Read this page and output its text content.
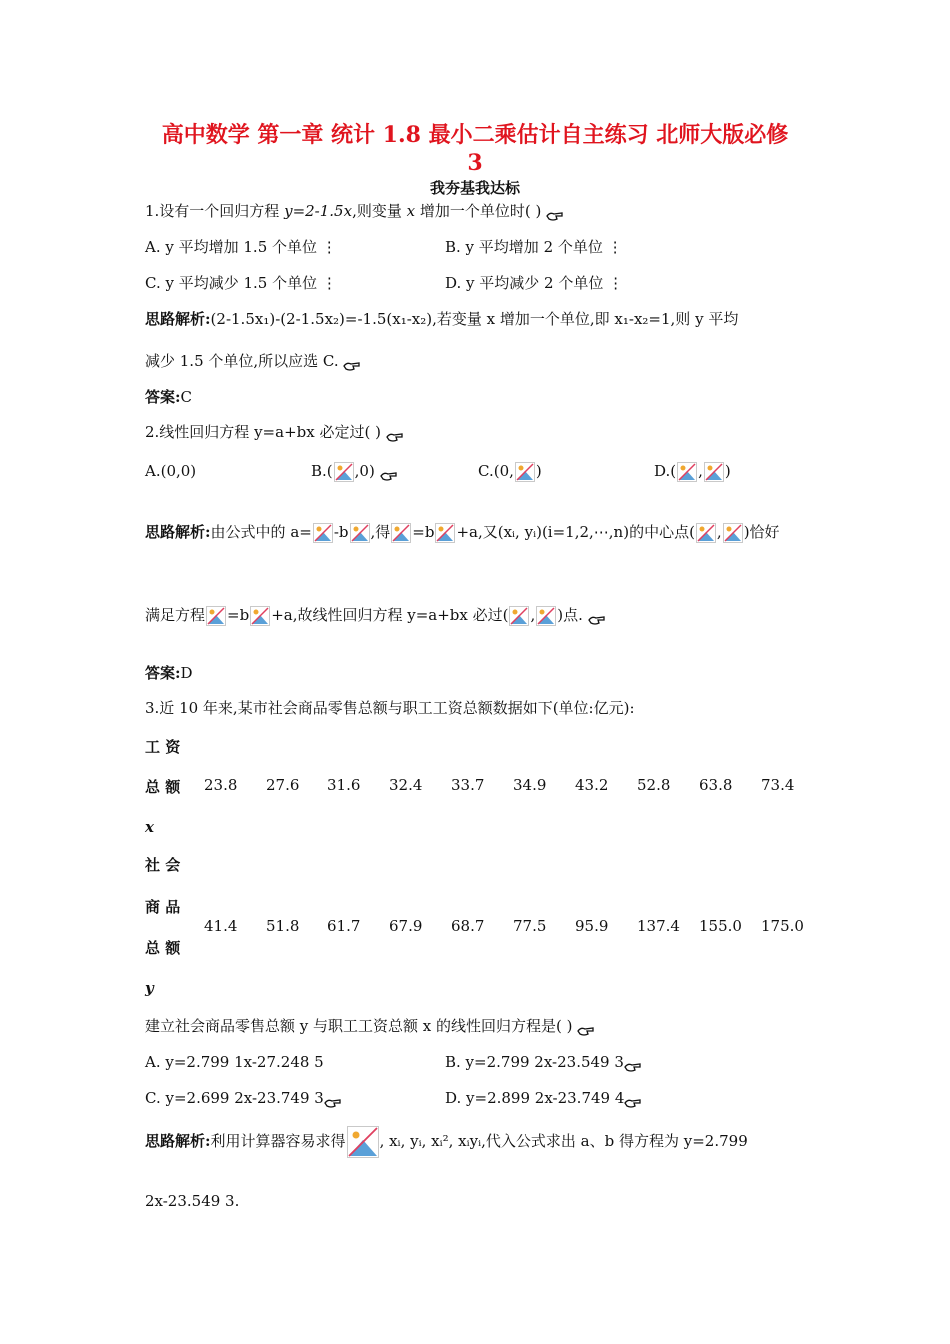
高中数学 第一章 统计 1.8 最小二乘估计自主练习 北师大版必修
3
我夯基我达标
1.设有一个回归方程 y=2-1.5x,则变量 x 增加一个单位时( )
A. y 平均增加 1.5 个单位 ⋮	B. y 平均增加 2 个单位 ⋮
C. y 平均减少 1.5 个单位 ⋮	D. y 平均减少 2 个单位 ⋮
思路解析:(2-1.5x₁)-(2-1.5x₂)=-1.5(x₁-x₂),若变量 x 增加一个单位,即 x₁-x₂=1,则 y 平均
减少 1.5 个单位,所以应选 C.
答案:C
2.线性回归方程 y=a+bx 必定过( )
A.(0,0)	B.( ,0)	C.(0, )	D.( , )
思路解析:由公式中的 a= -b ,得 =b +a,又(xᵢ, yᵢ)(i=1,2,⋯,n)的中心点( , )恰好
满足方程 =b +a,故线性回归方程 y=a+bx 必过( , )点.
答案:D
3.近 10 年来,某市社会商品零售总额与职工工资总额数据如下(单位:亿元):
工 资
总 额
x
23.8 27.6 31.6 32.4 33.7 34.9 43.2 52.8 63.8 73.4
社 会
商 品
总 额
y
41.4 51.8 61.7 67.9 68.7 77.5 95.9 137.4 155.0 175.0
建立社会商品零售总额 y 与职工工资总额 x 的线性回归方程是( )
A. y=2.799 1x-27.248 5	B. y=2.799 2x-23.549 3
C. y=2.699 2x-23.749 3	D. y=2.899 2x-23.749 4
思路解析:利用计算器容易求得 , xᵢ, yᵢ, xᵢ², xᵢyᵢ,代入公式求出 a、b 得方程为 y=2.799
2x-23.549 3.
